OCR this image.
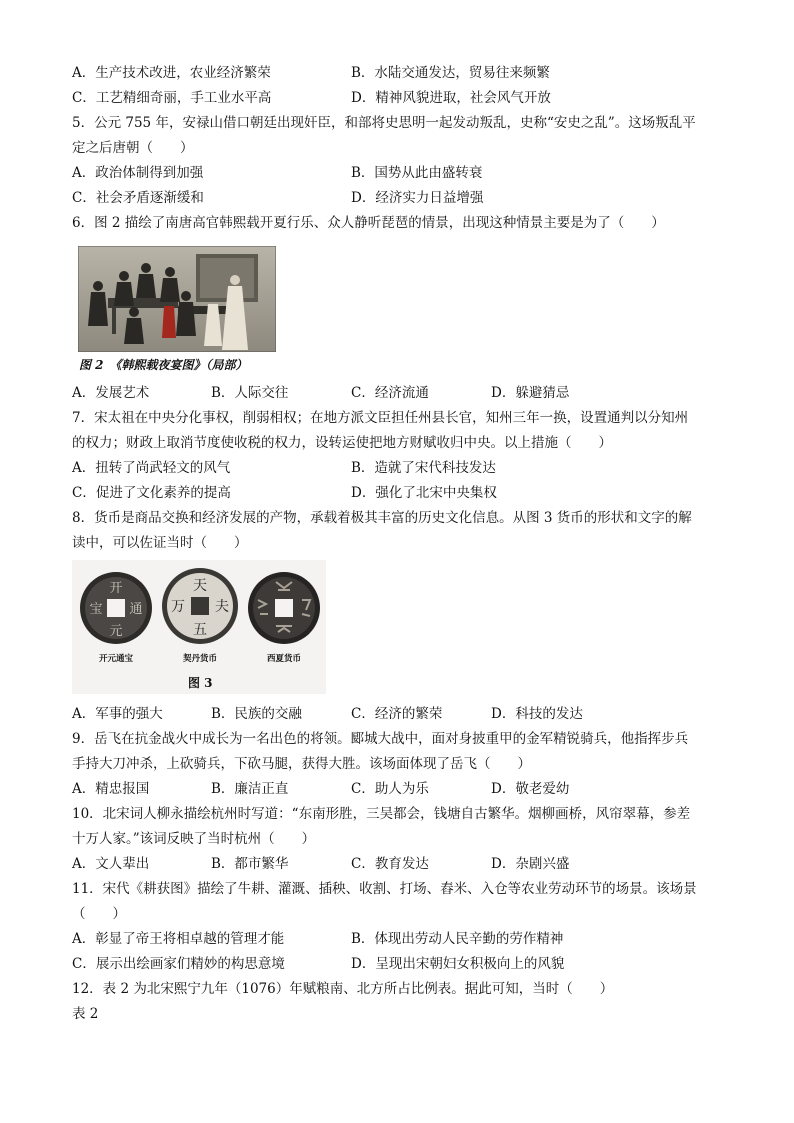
A．生产技术改进，农业经济繁荣	B．水陆交通发达，贸易往来频繁
C．工艺精细奇丽，手工业水平高	D．精神风貌进取，社会风气开放
5．公元 755 年，安禄山借口朝廷出现奸臣，和部将史思明一起发动叛乱，史称“安史之乱”。这场叛乱平
定之后唐朝（　　）
A．政治体制得到加强	B．国势从此由盛转衰
C．社会矛盾逐渐缓和	D．经济实力日益增强
6．图 2 描绘了南唐高官韩熙载开夏行乐、众人静听琵琶的情景，出现这种情景主要是为了（　　）
图 2　《韩熙载夜宴图》（局部）
A．发展艺术	B．人际交往	C．经济流通	D．躲避猜忌
7．宋太祖在中央分化事权，削弱相权；在地方派文臣担任州县长官，知州三年一换，设置通判以分知州
的权力；财政上取消节度使收税的权力，设转运使把地方财赋收归中央。以上措施（　　）
A．扭转了尚武轻文的风气	B．造就了宋代科技发达
C．促进了文化素养的提高	D．强化了北宋中央集权
8．货币是商品交换和经济发展的产物，承载着极其丰富的历史文化信息。从图 3 货币的形状和文字的解
读中，可以佐证当时（　　）
开
元
宝 通
天
五
万 夫
开元通宝	契丹货币	西夏货币
图 3
A．军事的强大	B．民族的交融	C．经济的繁荣	D．科技的发达
9．岳飞在抗金战火中成长为一名出色的将领。郾城大战中，面对身披重甲的金军精锐骑兵，他指挥步兵
手持大刀冲杀，上砍骑兵，下砍马腿，获得大胜。该场面体现了岳飞（　　）
A．精忠报国	B．廉洁正直	C．助人为乐	D．敬老爱幼
10．北宋词人柳永描绘杭州时写道：“东南形胜，三吴都会，钱塘自古繁华。烟柳画桥，风帘翠幕，参差
十万人家。”该词反映了当时杭州（　　）
A．文人辈出	B．都市繁华	C．教育发达	D．杂剧兴盛
11．宋代《耕获图》描绘了牛耕、灌溉、插秧、收割、打场、舂米、入仓等农业劳动环节的场景。该场景
（　　）
A．彰显了帝王将相卓越的管理才能	B．体现出劳动人民辛勤的劳作精神
C．展示出绘画家们精妙的构思意境	D．呈现出宋朝妇女积极向上的风貌
12．表 2 为北宋熙宁九年（1076）年赋粮南、北方所占比例表。据此可知，当时（　　）
表 2
